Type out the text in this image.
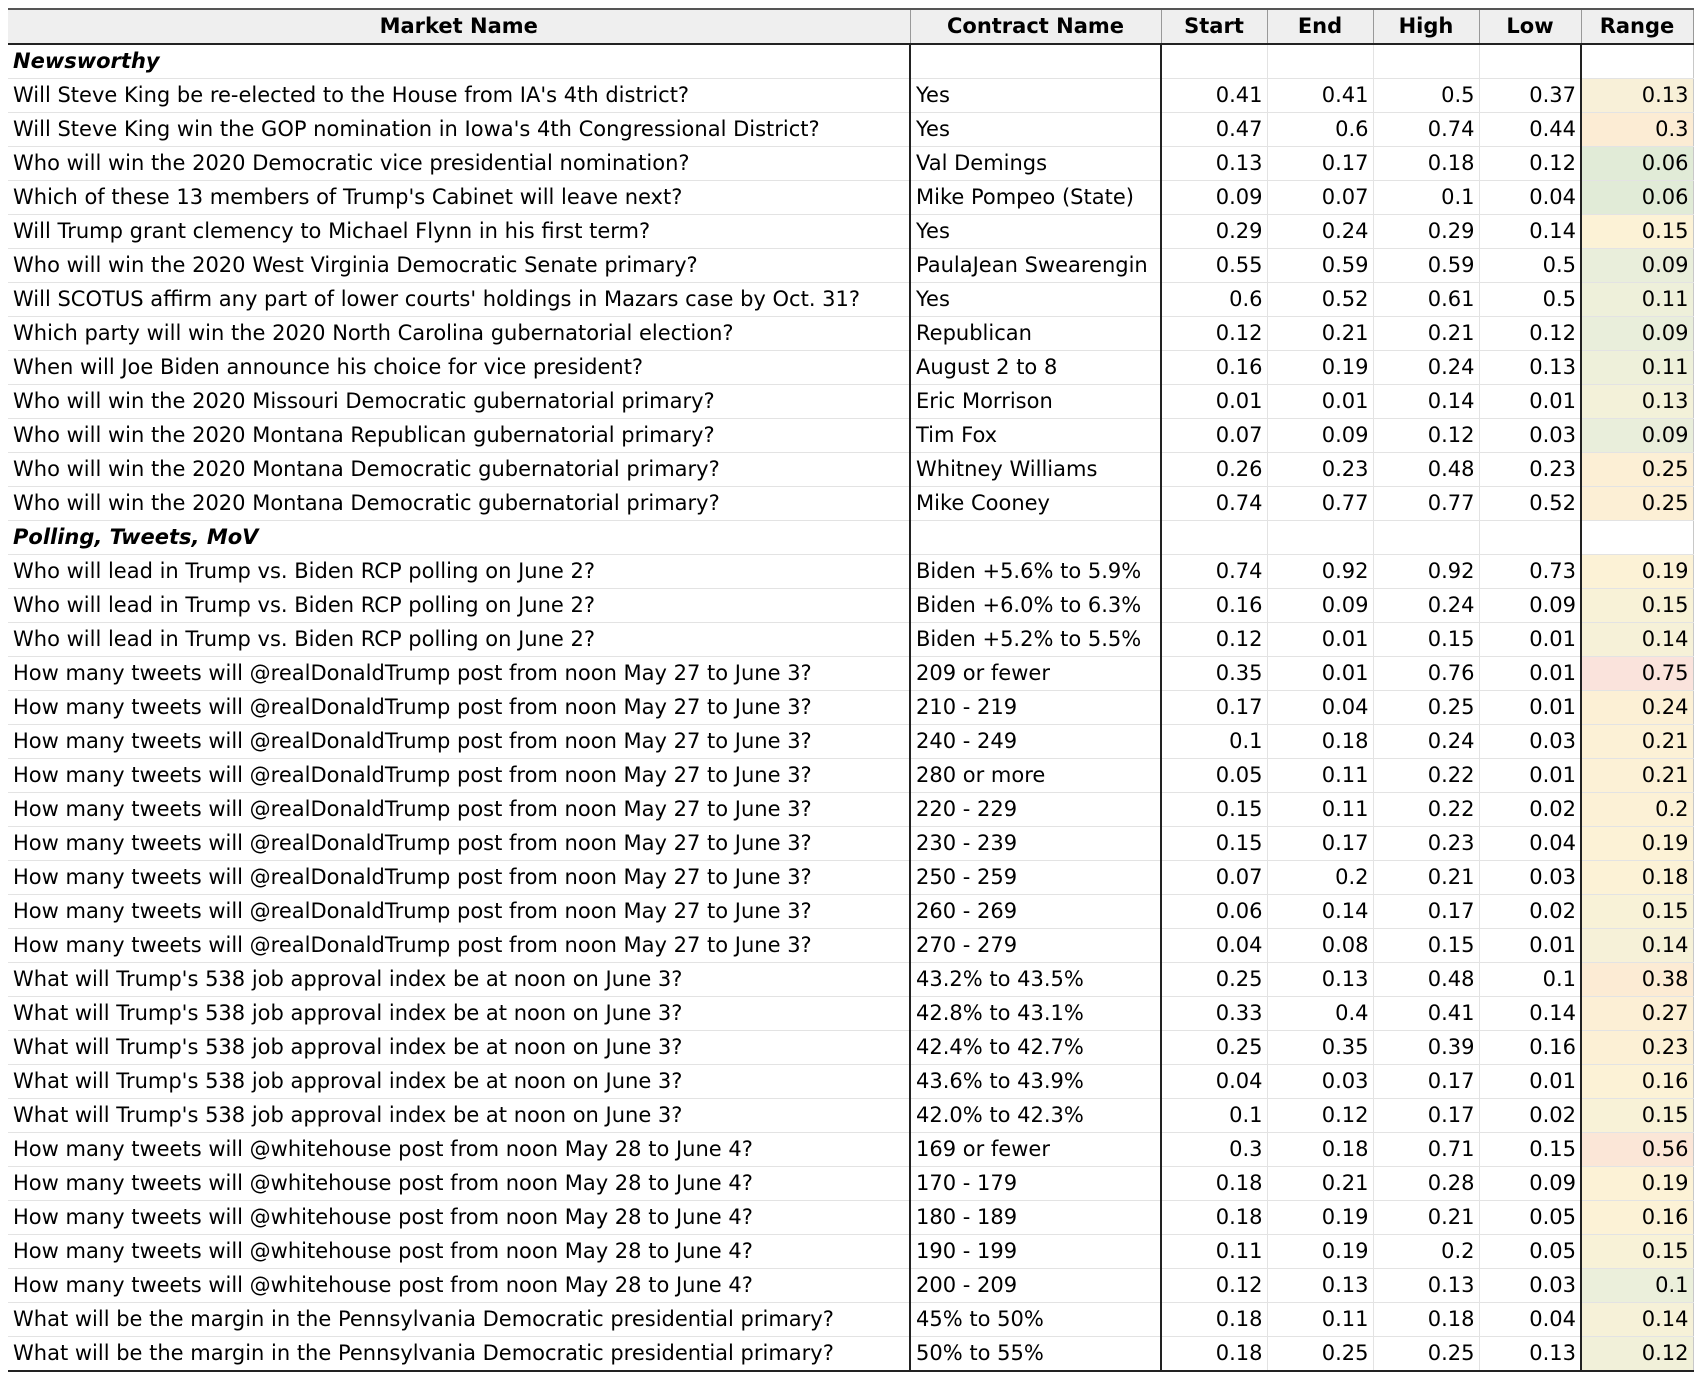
Market Name	Contract Name	Start	End	High	Low	Range
Newsworthy						
Will Steve King be re-elected to the House from IA's 4th district?	Yes	0.41	0.41	0.5	0.37	0.13
Will Steve King win the GOP nomination in Iowa's 4th Congressional District?	Yes	0.47	0.6	0.74	0.44	0.3
Who will win the 2020 Democratic vice presidential nomination?	Val Demings	0.13	0.17	0.18	0.12	0.06
Which of these 13 members of Trump's Cabinet will leave next?	Mike Pompeo (State)	0.09	0.07	0.1	0.04	0.06
Will Trump grant clemency to Michael Flynn in his first term?	Yes	0.29	0.24	0.29	0.14	0.15
Who will win the 2020 West Virginia Democratic Senate primary?	PaulaJean Swearengin	0.55	0.59	0.59	0.5	0.09
Will SCOTUS affirm any part of lower courts' holdings in Mazars case by Oct. 31?	Yes	0.6	0.52	0.61	0.5	0.11
Which party will win the 2020 North Carolina gubernatorial election?	Republican	0.12	0.21	0.21	0.12	0.09
When will Joe Biden announce his choice for vice president?	August 2 to 8	0.16	0.19	0.24	0.13	0.11
Who will win the 2020 Missouri Democratic gubernatorial primary?	Eric Morrison	0.01	0.01	0.14	0.01	0.13
Who will win the 2020 Montana Republican gubernatorial primary?	Tim Fox	0.07	0.09	0.12	0.03	0.09
Who will win the 2020 Montana Democratic gubernatorial primary?	Whitney Williams	0.26	0.23	0.48	0.23	0.25
Who will win the 2020 Montana Democratic gubernatorial primary?	Mike Cooney	0.74	0.77	0.77	0.52	0.25
Polling, Tweets, MoV						
Who will lead in Trump vs. Biden RCP polling on June 2?	Biden +5.6% to 5.9%	0.74	0.92	0.92	0.73	0.19
Who will lead in Trump vs. Biden RCP polling on June 2?	Biden +6.0% to 6.3%	0.16	0.09	0.24	0.09	0.15
Who will lead in Trump vs. Biden RCP polling on June 2?	Biden +5.2% to 5.5%	0.12	0.01	0.15	0.01	0.14
How many tweets will @realDonaldTrump post from noon May 27 to June 3?	209 or fewer	0.35	0.01	0.76	0.01	0.75
How many tweets will @realDonaldTrump post from noon May 27 to June 3?	210 - 219	0.17	0.04	0.25	0.01	0.24
How many tweets will @realDonaldTrump post from noon May 27 to June 3?	240 - 249	0.1	0.18	0.24	0.03	0.21
How many tweets will @realDonaldTrump post from noon May 27 to June 3?	280 or more	0.05	0.11	0.22	0.01	0.21
How many tweets will @realDonaldTrump post from noon May 27 to June 3?	220 - 229	0.15	0.11	0.22	0.02	0.2
How many tweets will @realDonaldTrump post from noon May 27 to June 3?	230 - 239	0.15	0.17	0.23	0.04	0.19
How many tweets will @realDonaldTrump post from noon May 27 to June 3?	250 - 259	0.07	0.2	0.21	0.03	0.18
How many tweets will @realDonaldTrump post from noon May 27 to June 3?	260 - 269	0.06	0.14	0.17	0.02	0.15
How many tweets will @realDonaldTrump post from noon May 27 to June 3?	270 - 279	0.04	0.08	0.15	0.01	0.14
What will Trump's 538 job approval index be at noon on June 3?	43.2% to 43.5%	0.25	0.13	0.48	0.1	0.38
What will Trump's 538 job approval index be at noon on June 3?	42.8% to 43.1%	0.33	0.4	0.41	0.14	0.27
What will Trump's 538 job approval index be at noon on June 3?	42.4% to 42.7%	0.25	0.35	0.39	0.16	0.23
What will Trump's 538 job approval index be at noon on June 3?	43.6% to 43.9%	0.04	0.03	0.17	0.01	0.16
What will Trump's 538 job approval index be at noon on June 3?	42.0% to 42.3%	0.1	0.12	0.17	0.02	0.15
How many tweets will @whitehouse post from noon May 28 to June 4?	169 or fewer	0.3	0.18	0.71	0.15	0.56
How many tweets will @whitehouse post from noon May 28 to June 4?	170 - 179	0.18	0.21	0.28	0.09	0.19
How many tweets will @whitehouse post from noon May 28 to June 4?	180 - 189	0.18	0.19	0.21	0.05	0.16
How many tweets will @whitehouse post from noon May 28 to June 4?	190 - 199	0.11	0.19	0.2	0.05	0.15
How many tweets will @whitehouse post from noon May 28 to June 4?	200 - 209	0.12	0.13	0.13	0.03	0.1
What will be the margin in the Pennsylvania Democratic presidential primary?	45% to 50%	0.18	0.11	0.18	0.04	0.14
What will be the margin in the Pennsylvania Democratic presidential primary?	50% to 55%	0.18	0.25	0.25	0.13	0.12
